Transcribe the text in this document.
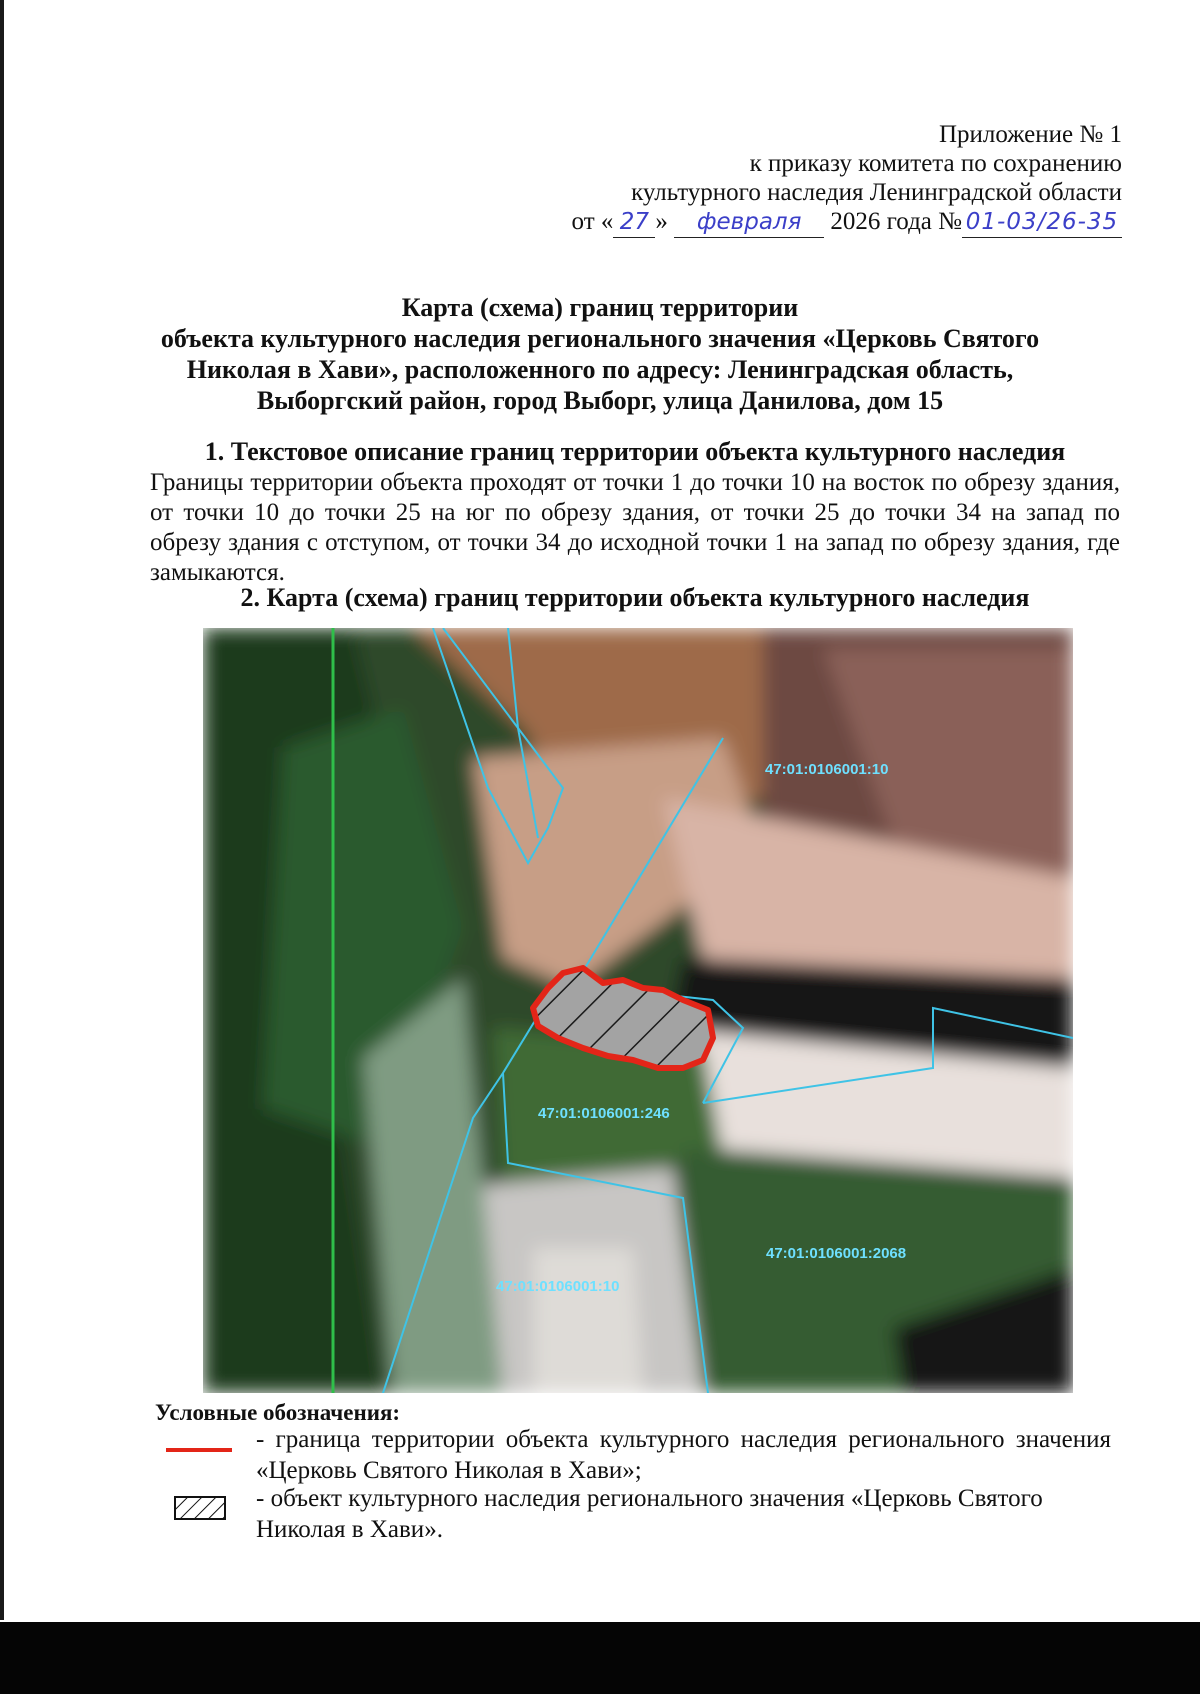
Приложение № 1
к приказу комитета по сохранению
культурного наследия Ленинградской области
от « 27 » февраля 2026 года № 01-03/26-35
Карта (схема) границ территории
объекта культурного наследия регионального значения «Церковь Святого
Николая в Хави», расположенного по адресу: Ленинградская область,
Выборгский район, город Выборг, улица Данилова, дом 15
1. Текстовое описание границ территории объекта культурного наследия
Границы территории объекта проходят от точки 1 до точки 10 на восток по обрезу здания, от точки 10 до точки 25 на юг по обрезу здания, от точки 25 до точки 34 на запад по обрезу здания с отступом, от точки 34 до исходной точки 1 на запад по обрезу здания, где замыкаются.
2. Карта (схема) границ территории объекта культурного наследия
47:01:0106001:10
47:01:0106001:246
47:01:0106001:2068
47:01:0106001:10
Условные обозначения:
- граница территории объекта культурного наследия регионального значения «Церковь Святого Николая в Хави»;
- объект культурного наследия регионального значения «Церковь Святого Николая в Хави».
